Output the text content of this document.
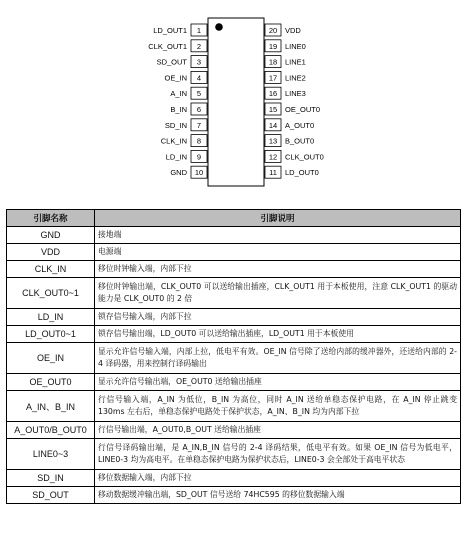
1
LD_OUT1
2
CLK_OUT1
3
SD_OUT
4
OE_IN
5
A_IN
6
B_IN
7
SD_IN
8
CLK_IN
9
LD_IN
10
GND
20 VDD
19 LINE0
18 LINE1
17 LINE2
16 LINE3
15 OE_OUT0
14 A_OUT0
13 B_OUT0
12 CLK_OUT0
11 LD_OUT0
引脚名称	引脚说明
GND	接地端
VDD	电源端
CLK_IN	移位时钟输入端，内部下拉
CLK_OUT0~1	移位时钟输出端，CLK_OUT0 可以送给输出插座，CLK_OUT1 用于本板使用，注意 CLK_OUT1 的驱动能力是 CLK_OUT0 的 2 倍
LD_IN	锁存信号输入端，内部下拉
LD_OUT0~1	锁存信号输出端，LD_OUT0 可以送给输出插座，LD_OUT1 用于本板使用
OE_IN	显示允许信号输入端，内部上拉，低电平有效。OE_IN 信号除了送给内部的缓冲器外，还送给内部的 2-4 译码器，用来控制行译码输出
OE_OUT0	显示允许信号输出端，OE_OUT0 送给输出插座
A_IN、B_IN	行信号输入端，A_IN 为低位，B_IN 为高位，同时 A_IN 送给单稳态保护电路，在 A_IN 停止跳变 130ms 左右后，单稳态保护电路处于保护状态，A_IN、B_IN 均为内部下拉
A_OUT0/B_OUT0	行信号输出端，A_OUT0,B_OUT 送给输出插座
LINE0~3	行信号译码输出端，是 A_IN,B_IN 信号的 2-4 译码结果，低电平有效。如果 OE_IN 信号为低电平，LINE0-3 均为高电平。在单稳态保护电路为保护状态后，LINE0-3 会全部处于高电平状态
SD_IN	移位数据输入端，内部下拉
SD_OUT	移动数据缓冲输出端，SD_OUT 信号送给 74HC595 的移位数据输入端
